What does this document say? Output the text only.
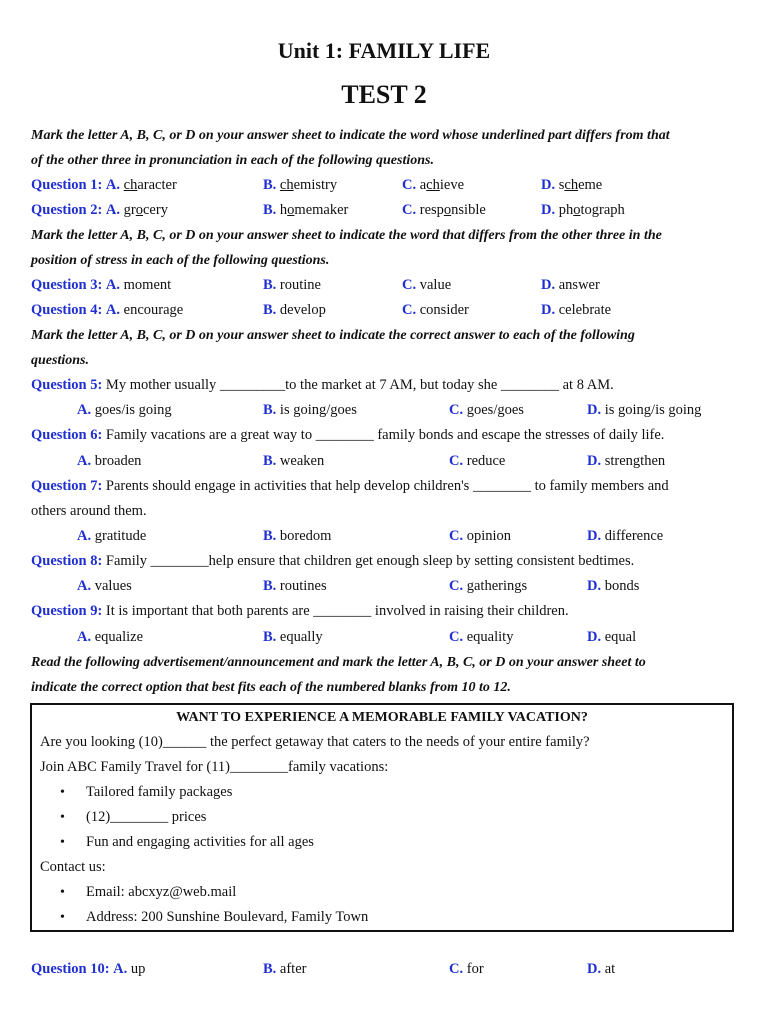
Unit 1: FAMILY LIFE
TEST 2
Mark the letter A, B, C, or D on your answer sheet to indicate the word whose underlined part differs from that
of the other three in pronunciation in each of the following questions.
Question 1: A. character	B. chemistry	C. achieve	D. scheme
Question 2: A. grocery	B. homemaker	C. responsible	D. photograph
Mark the letter A, B, C, or D on your answer sheet to indicate the word that differs from the other three in the
position of stress in each of the following questions.
Question 3: A. moment	B. routine	C. value	D. answer
Question 4: A. encourage	B. develop	C. consider	D. celebrate
Mark the letter A, B, C, or D on your answer sheet to indicate the correct answer to each of the following
questions.
Question 5: My mother usually _________to the market at 7 AM, but today she ________ at 8 AM.
A. goes/is going	B. is going/goes	C. goes/goes	D. is going/is going
Question 6: Family vacations are a great way to ________ family bonds and escape the stresses of daily life.
A. broaden	B. weaken	C. reduce	D. strengthen
Question 7: Parents should engage in activities that help develop children's ________ to family members and
others around them.
A. gratitude	B. boredom	C. opinion	D. difference
Question 8: Family ________help ensure that children get enough sleep by setting consistent bedtimes.
A. values	B. routines	C. gatherings	D. bonds
Question 9: It is important that both parents are ________ involved in raising their children.
A. equalize	B. equally	C. equality	D. equal
Read the following advertisement/announcement and mark the letter A, B, C, or D on your answer sheet to
indicate the correct option that best fits each of the numbered blanks from 10 to 12.
WANT TO EXPERIENCE A MEMORABLE FAMILY VACATION?
Are you looking (10)______ the perfect getaway that caters to the needs of your entire family?
Join ABC Family Travel for (11)________family vacations:
• Tailored family packages
• (12)________ prices
• Fun and engaging activities for all ages
Contact us:
• Email: abcxyz@web.mail
• Address: 200 Sunshine Boulevard, Family Town
Question 10: A. up	B. after	C. for	D. at
